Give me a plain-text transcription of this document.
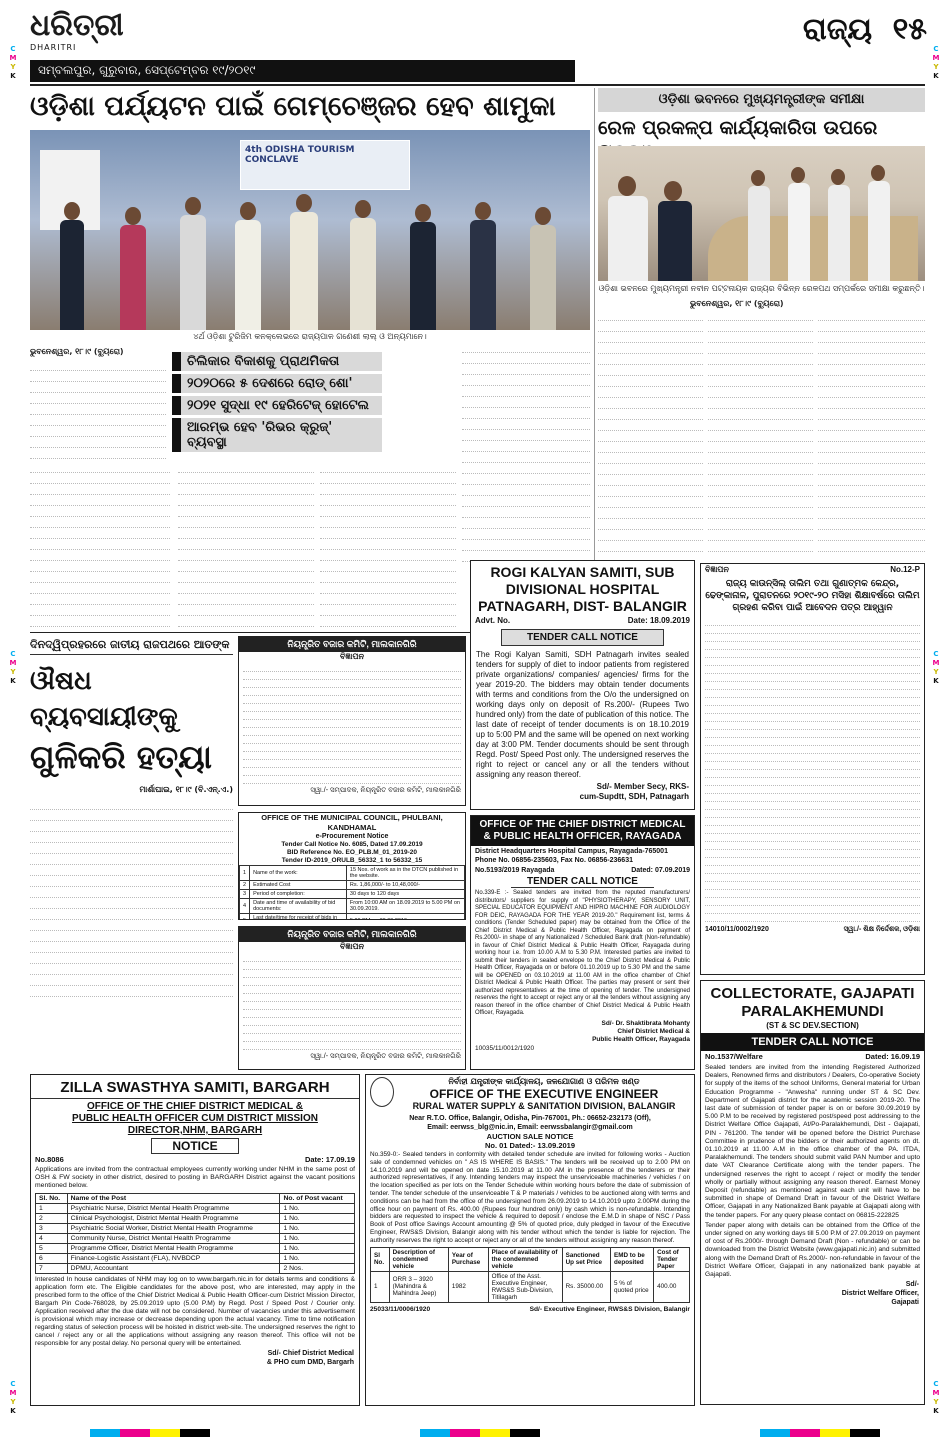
C
M
Y
K
C
M
Y
K
C
M
Y
K
C
M
Y
K
C
M
Y
K
C
M
Y
K
ଧରିତ୍ରୀ
DHARITRI
ସମ୍ବଲପୁର, ଗୁରୁବାର, ସେପ୍ଟେମ୍ବର ୧୯/୨୦୧୯
ରାଜ୍ୟ ୧୫
ଓଡ଼ିଶା ପର୍ଯ୍ୟଟନ ପାଇଁ ଗେମ୍‌ଚେଞ୍ଜର ହେବ ଶାମୁକା
4th ODISHA TOURISM CONCLAVE
୪ର୍ଥ ଓଡ଼ିଶା ଟୁରିଜିମ କନକ୍ଲେଭରେ ରାଜ୍ୟପାଳ ଗଣେଶୀ ଲାଲ୍‌ ଓ ଅନ୍ୟମାନେ।
ଭୁବନେଶ୍ୱର, ୧୮।୯ (ବ୍ୟୁରୋ)
ଚିଲିକାର ବିକାଶକୁ ପ୍ରାଥମିକତା
୨୦୨୦ରେ ୫ ଦେଶରେ ରୋଡ୍‌ ଶୋ'
୨୦୨୧ ସୁଦ୍ଧା ୧୯ ହେରିଟେଜ୍‌ ହୋଟେଲ
ଆରମ୍ଭ ହେବ 'ରିଭର କ୍ରୁଜ୍‌' ବ୍ୟବସ୍ଥା
ଓଡ଼ିଶା ଭବନରେ ମୁଖ୍ୟମନ୍ତ୍ରୀଙ୍କ ସମୀକ୍ଷା
ରେଳ ପ୍ରକଳ୍ପ କାର୍ଯ୍ୟକାରିତା ଉପରେ
ଓଡ଼ିଶା ଭବନରେ ମୁଖ୍ୟମନ୍ତ୍ରୀ ନବୀନ ପଟ୍ଟନାୟକ ରାଜ୍ୟର ବିଭିନ୍ନ ରେଳପଥ ସମ୍ପର୍କରେ ସମୀକ୍ଷା କରୁଛନ୍ତି।
ଭୁବନେଶ୍ୱର, ୧୮।୯ (ବ୍ୟୁରୋ)
ଦିନଦ୍ୱିପ୍ରହରରେ ଜାତୀୟ ରାଜପଥରେ ଆତଙ୍କ
ଔଷଧ ବ୍ୟବସାୟୀଙ୍କୁ
ଗୁଳିକରି ହତ୍ୟା
ମାର୍ଶାଘାଇ, ୧୮।୯ (ବି.ଏନ୍‌.ଏ.)
ନିୟନ୍ତ୍ରିତ ବଜାର କମିଟି, ମାଲକାନଗିରି
ବିଜ୍ଞାପନ
ସ୍ୱା./- ସମ୍ପାଦକ, ନିୟନ୍ତ୍ରିତ ବଜାର କମିଟି, ମାଲକାନଗିରି
OFFICE OF THE MUNICIPAL COUNCIL, PHULBANI, KANDHAMAL
e-Procurement Notice
Tender Call Notice No. 6085, Dated 17.09.2019
BID Reference No. EO_PLB.M_01_2019-20
Tender ID-2019_ORULB_56332_1 to 56332_15
1	Name of the work:	15 Nos. of work as in the DTCN published in the website.
2	Estimated Cost	Rs. 1,86,000/- to 10,48,000/-
3	Period of completion:	30 days to 120 days
4	Date and time of availability of bid documents:	From 10:00 AM on 18.09.2019 to 5.00 PM on 30.09.2019.
	Last date/time for receipt of bids in	

ନିୟନ୍ତ୍ରିତ ବଜାର କମିଟି, ମାଲକାନଗିରି
ବିଜ୍ଞାପନ
ସ୍ୱା./- ସମ୍ପାଦକ, ନିୟନ୍ତ୍ରିତ ବଜାର କମିଟି, ମାଲକାନଗିରି
ROGI KALYAN SAMITI, SUB
DIVISIONAL HOSPITAL
PATNAGARH, DIST- BALANGIR
Advt. No.	Date: 18.09.2019
TENDER CALL NOTICE
The Rogi Kalyan Samiti, SDH Patnagarh invites sealed tenders for supply of diet to indoor patients from registered private organizations/ companies/ agencies/ firms for the year 2019-20. The bidders may obtain tender documents with terms and conditions from the O/o the undersigned on working days only on deposit of Rs.200/- (Rupees Two hundred only) from the date of publication of this notice. The last date of receipt of tender documents is on 18.10.2019 up to 5:00 PM and the same will be opened on next working day at 3:00 PM. Tender documents should be sent through Regd. Post/ Speed Post only. The undersigned reserves the right to reject or cancel any or all the tenders without assigning any reason thereof.
Sd/- Member Secy, RKS-
cum-Supdtt, SDH, Patnagarh
OFFICE OF THE CHIEF DISTRICT MEDICAL
& PUBLIC HEALTH OFFICER, RAYAGADA
District Headquarters Hospital Campus, Rayagada-765001
Phone No. 06856-235603, Fax No. 06856-236631
No.5193/2019 Rayagada	Dated: 07.09.2019
TENDER CALL NOTICE
No.339-E :- Sealed tenders are invited from the reputed manufacturers/ distributors/ suppliers for supply of "PHYSIOTHERAPY, SENSORY UNIT, SPECIAL EDUCATOR EQUIPMENT AND HIPRO MACHINE FOR AUDIOLOGY FOR DEIC, RAYAGADA FOR THE YEAR 2019-20." Requirement list, terms & conditions (Tender Scheduled paper) may be obtained from the Office of the Chief District Medical & Public Health Officer, Rayagada on payment of Rs.2000/- in shape of any Nationalized / Scheduled Bank draft (Non-refundable) in favour of Chief District Medical & Public Health Officer, Rayagada during working hour i.e. from 10.00 A.M to 5.30 P.M. Interested parties are invited to submit their tenders in sealed envelope to the Chief District Medical & Public Health Officer, Rayagada on or before 01.10.2019 up to 5.30 PM and the same will be OPENED on 03.10.2019 at 11.00 AM in the office chamber of Chief District Medical & Public Health Officer. The parties may present or sent their authorized representatives at the time of opening of tender. The undersigned reserves the right to accept or reject any or all the tenders without assigning any reason thereof in the office chamber of Chief District Medical & Public Health Officer, Rayagada.
Sd/- Dr. Shaktibrata Mohanty
Chief District Medical &
Public Health Officer, Rayagada
10035/11/0012/1920
ବିଜ୍ଞାପନ	No.12-P
ରାଜ୍ୟ କାଉନ୍ସିଲ୍‌ ତାଲିମ ତଥା ଗୁଣାତ୍ମକ କେନ୍ଦ୍ର, ଢେଙ୍କାନାଳ, ପୁରାତନରେ ୨୦୧୯-୨୦ ମସିହା ଶିକ୍ଷାବର୍ଷରେ ତାଲିମ ଗ୍ରହଣ କରିବା ପାଇଁ ଆବେଦନ ପତ୍ର ଆହ୍ୱାନ
14010/11/0002/1920	ସ୍ୱା./- ଶିକ୍ଷ ନିର୍ଦ୍ଦେଶକ, ଓଡ଼ିଶା
COLLECTORATE, GAJAPATI
PARALAKHEMUNDI
(ST & SC DEV.SECTION)
TENDER CALL NOTICE
No.1537/Welfare	Dated: 16.09.19
Sealed tenders are invited from the intending Registered Authorized Dealers, Renowned firms and distributors / Dealers, Co-operative Society for supply of the items of the school Uniforms, General material for Urban Education Programme - "Anwesha" running under ST & SC Dev. Department of Gajapati district for the academic session 2019-20. The last date of submission of tender paper is on or before 30.09.2019 by 5.00 P.M to be received by registered post/speed post addressing to the District Welfare Office Gajapati, At/Po-Paralakhemundi, Dist - Gajapati, PIN - 761200. The tender will be opened before the District Purchase Committee in prudence of the bidders or their authorized agents on dt. 01.10.2019 at 11.00 A.M in the office chamber of the PA. ITDA, Paralakhemundi. The tenders should submit valid PAN Number and upto date VAT Clearance Certificate along with the tender papers. The undersigned reserves the right to accept / reject or modify the tender wholly or partially without assigning any reason thereof. Earnest Money Deposit (refundable) as mentioned against each unit will have to be submitted in shape of Demand Draft in favour of the District Welfare Officer, Gajapati in any Nationalized Bank payable at Gajapati along with the tender papers. For any query please contact on 06815-222825
Tender paper along with details can be obtained from the Office of the under signed on any working days till 5.00 P.M of 27.09.2019 on payment of cost of Rs.2000/- through Demand Draft (Non - refundable) or can be downloaded from the District Website (www.gajapati.nic.in) and submitted along with the Demand Draft of Rs.2000/- non-refundable in favour of the District Welfare Officer, Gajapati in any nationalized bank payable at Gajapati.
Sd/-
District Welfare Officer,
Gajapati
ZILLA SWASTHYA SAMITI, BARGARH
OFFICE OF THE CHIEF DISTRICT MEDICAL &
PUBLIC HEALTH OFFICER CUM DISTRICT MISSION
DIRECTOR,NHM, BARGARH
NOTICE
No.8086	Date: 17.09.19
Applications are invited from the contractual employees currently working under NHM in the same post of OSH & FW society in other district, desired to posting in BARGARH District against the vacant positions mentioned below.
Sl. No.	Name of the Post	No. of Post vacant
1	Psychiatric Nurse, District Mental Health Programme	1 No.
2	Clinical Psychologist, District Mental Health Programme	1 No.
3	Psychiatric Social Worker, District Mental Health Programme	1 No.
4	Community Nurse, District Mental Health Programme	1 No.
5	Programme Officer, District Mental Health Programme	1 No.
6	Finance-Logistic Assistant (FLA), NVBDCP	1 No.
7	DPMU, Accountant	2 Nos.
Interested In house candidates of NHM may log on to www.bargarh.nic.in for details terms and conditions & application form etc. The Eligible candidates for the above post, who are interested, may apply in the prescribed form to the office of the Chief District Medical & Public Health Officer-cum District Mission Director, Bargarh Pin Code-768028, by 25.09.2019 upto (5.00 P.M) by Regd. Post / Speed Post / Courier only. Application received after the due date will not be considered. Number of vacancies under this advertisement is provisional which may increase or decrease depending upon the actual vacancy. Time to time notification regarding status of selection process will be hoisted in district web-site. The undersigned reserves the right to cancel / reject any or all the applications without assigning any reason thereof. This office will not be responsible for any postal delay. No personal query will be entertained.
Sd/- Chief District Medical
& PHO cum DMD, Bargarh
ନିର୍ବାହୀ ଯନ୍ତ୍ରୀଙ୍କ କାର୍ଯ୍ୟାଳୟ, ଜଳଯୋଗାଣ ଓ ପରିମଳ ଖଣ୍ଡ
OFFICE OF THE EXECUTIVE ENGINEER
RURAL WATER SUPPLY & SANITATION DIVISION, BALANGIR
Near R.T.O. Office, Balangir, Odisha, Pin-767001, Ph.: 06652-232173 (Off),
Email: eerwss_blg@nic.in, Email: eerwssbalangir@gmail.com
AUCTION SALE NOTICE
No. 01 Dated:- 13.09.2019
No.359-0:- Sealed tenders in conformity with detailed tender schedule are invited for following works - Auction sale of condemned vehicles on " AS IS WHERE IS BASIS." The tenders will be received up to 2.00 PM on 14.10.2019 and will be opened on date 15.10.2019 at 11.00 AM in the presence of the tenderers or their authorized representatives, if any. Intending tenders may inspect the unserviceable machineries / vehicles / on the location specified as per lots on the Tender Schedule within working hours before the date of submission of tender. The tender schedule of the unserviceable T & P materials / vehicles to be auctioned along with terms and conditions can be had from the office of the undersigned from 26.09.2019 to 14.10.2019 upto 2.00PM during the office hour on payment of Rs. 400.00 (Rupees four hundred only) by cash which is non-refundable. Intending bidders are requested to inspect the vehicle & required to deposit / enclose the E.M.D in shape of NSC / Pass Book of Post office Savings Account amounting @ 5% of quoted price, duly pledged in favour of the Executive Engineer, RWS&S Division, Balangir along with his tender without which the tender is liable for rejection. The authority reserves the right to accept or reject any or all of the tenders without assigning any reason thereof.
Sl No.	Description of condemned vehicle	Year of Purchase	Place of availability of the condemned vehicle	Sanctioned Up set Price	EMD to be deposited	Cost of Tender Paper
1	ORR 3 – 3920 (Mahindra & Mahindra Jeep)	1982	Office of the Asst. Executive Engineer, RWS&S Sub-Division, Titilagarh	Rs. 35000.00	5 % of quoted price	400.00
25033/11/0006/1920	Sd/- Executive Engineer, RWS&S Division, Balangir
